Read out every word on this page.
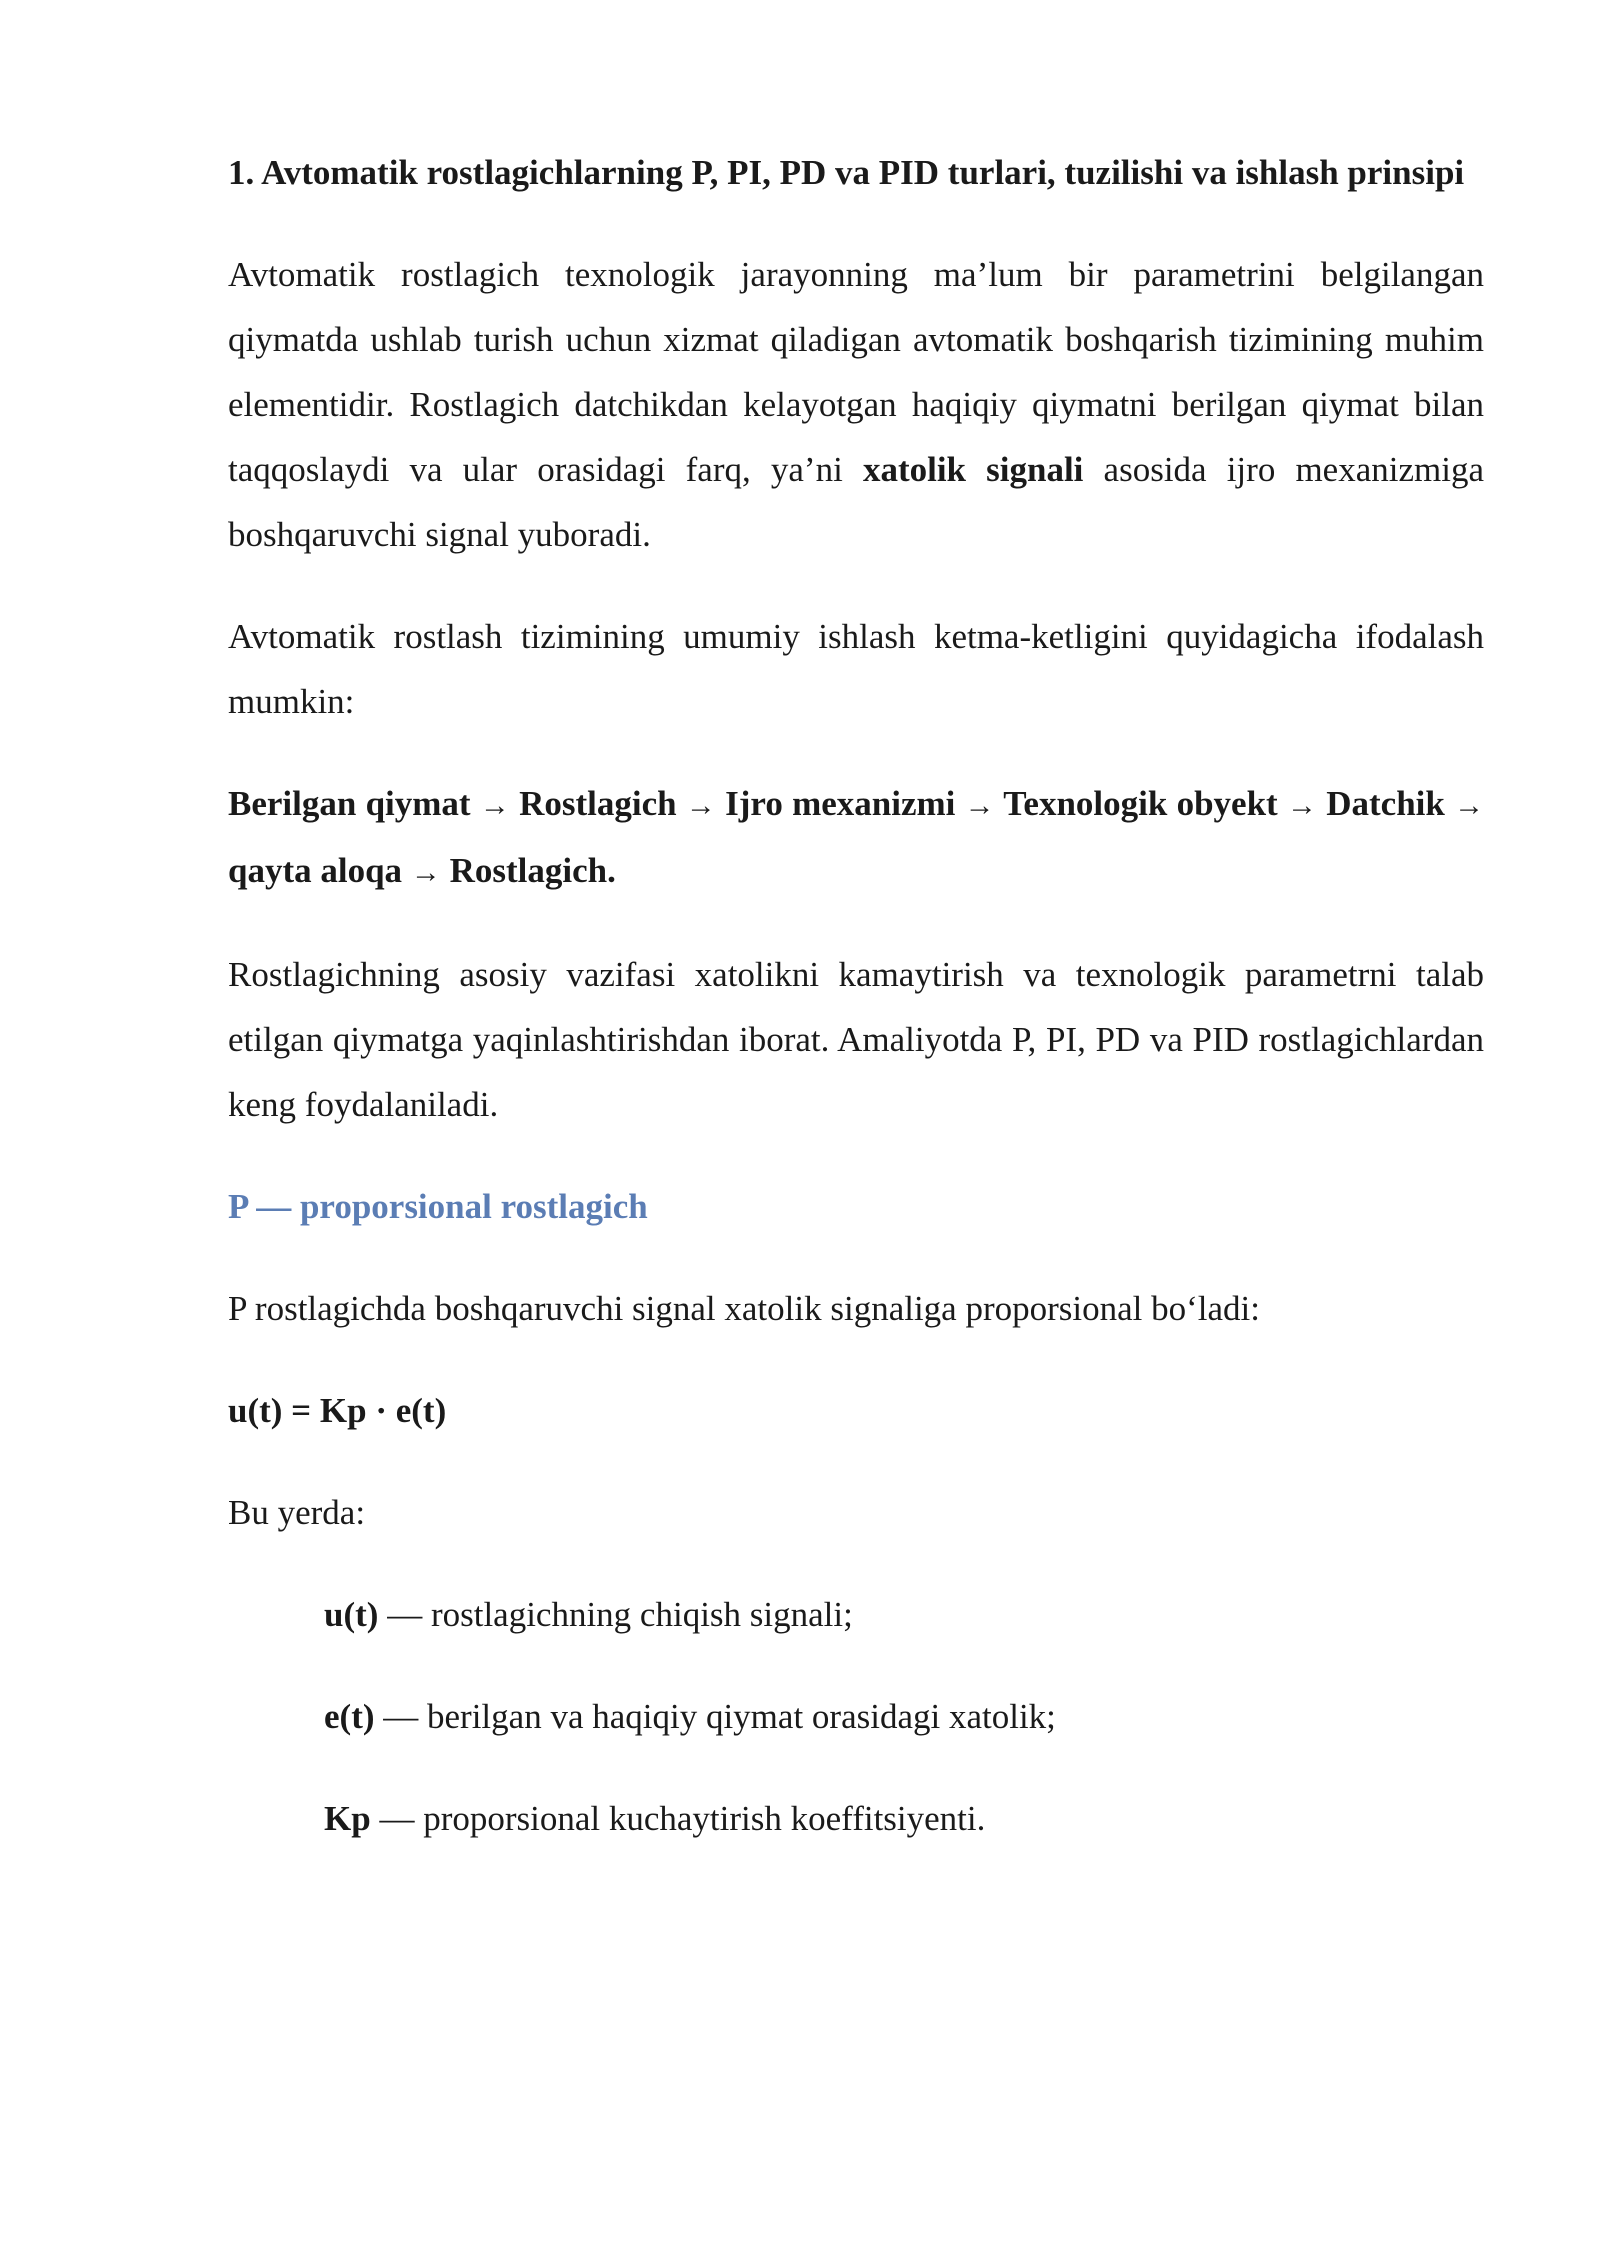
1. Avtomatik rostlagichlarning P, PI, PD va PID turlari, tuzilishi va ishlash prinsipi

Avtomatik rostlagich texnologik jarayonning ma’lum bir parametrini belgilangan qiymatda ushlab turish uchun xizmat qiladigan avtomatik boshqarish tizimining muhim elementidir. Rostlagich datchikdan kelayotgan haqiqiy qiymatni berilgan qiymat bilan taqqoslaydi va ular orasidagi farq, ya’ni xatolik signali asosida ijro mexanizmiga boshqaruvchi signal yuboradi.

Avtomatik rostlash tizimining umumiy ishlash ketma-ketligini quyidagicha ifodalash mumkin:

Berilgan qiymat → Rostlagich → Ijro mexanizmi → Texnologik obyekt → Datchik → qayta aloqa → Rostlagich.

Rostlagichning asosiy vazifasi xatolikni kamaytirish va texnologik parametrni talab etilgan qiymatga yaqinlashtirishdan iborat. Amaliyotda P, PI, PD va PID rostlagichlardan keng foydalaniladi.

P — proporsional rostlagich

P rostlagichda boshqaruvchi signal xatolik signaliga proporsional bo‘ladi:

u(t) = Kp · e(t)

Bu yerda:

u(t) — rostlagichning chiqish signali;
e(t) — berilgan va haqiqiy qiymat orasidagi xatolik;
Kp — proporsional kuchaytirish koeffitsiyenti.
